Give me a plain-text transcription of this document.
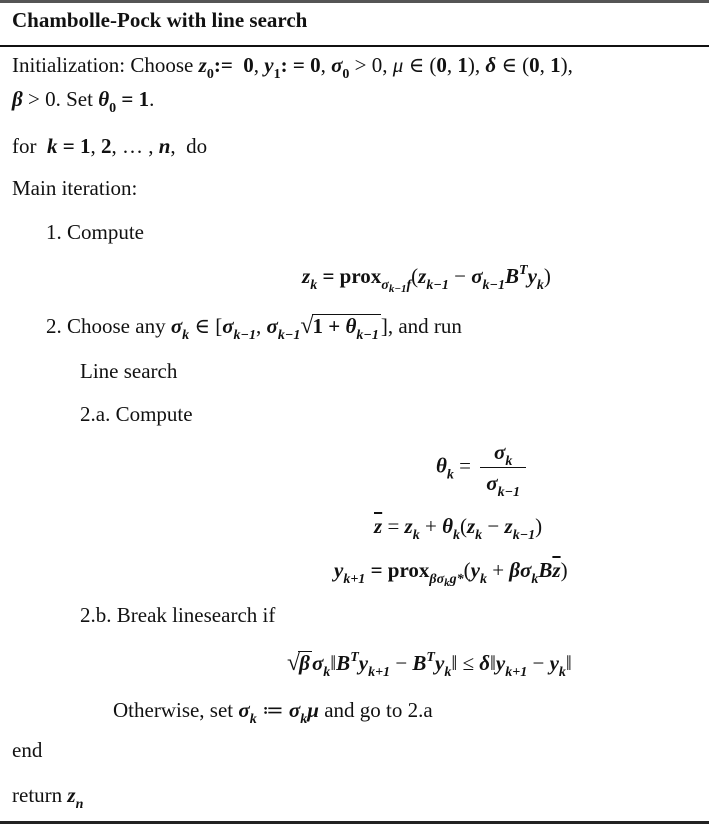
Chambolle-Pock with line search
Initialization: Choose $z_0:= 0$, $y_1$: = 0, $\sigma_0 > 0$, μ ∈ (0, 1), δ ∈ (0, 1),
β > 0. Set $\theta_0 = 1$.
for k = 1, 2, … , n, do
Main iteration:
1. Compute
$z_k$ = $prox_{\sigma_{k-1}f}(z_{k-1} - \sigma_{k-1}B^Ty_k)$
2. Choose any $\sigma_k$ ∈ [$\sigma_{k-1}$, $\sigma_{k-1}√1 + \theta_{k-1}$], and run
Line search
2.a. Compute
$\theta_k = \frac{\sigma_k}{\sigma_{k-1}}$
$\overline{z} = z_k + \theta_k(z_k - z_{k-1})$
$y_{k+1}$ = $prox_{\beta\sigma_kg*}(y_k + \beta\sigma_kB\overline{z})$
2.b. Break linesearch if
$√\beta\sigma_k‖B^Ty_{k+1}$ − $B^Ty_k‖$ ≤ $\delta‖y_{k+1}$ − $y_k‖$
Otherwise, set $\sigma_k$ ≔ $\sigma_k\mu$ and go to 2.a
end
return $z_n$
